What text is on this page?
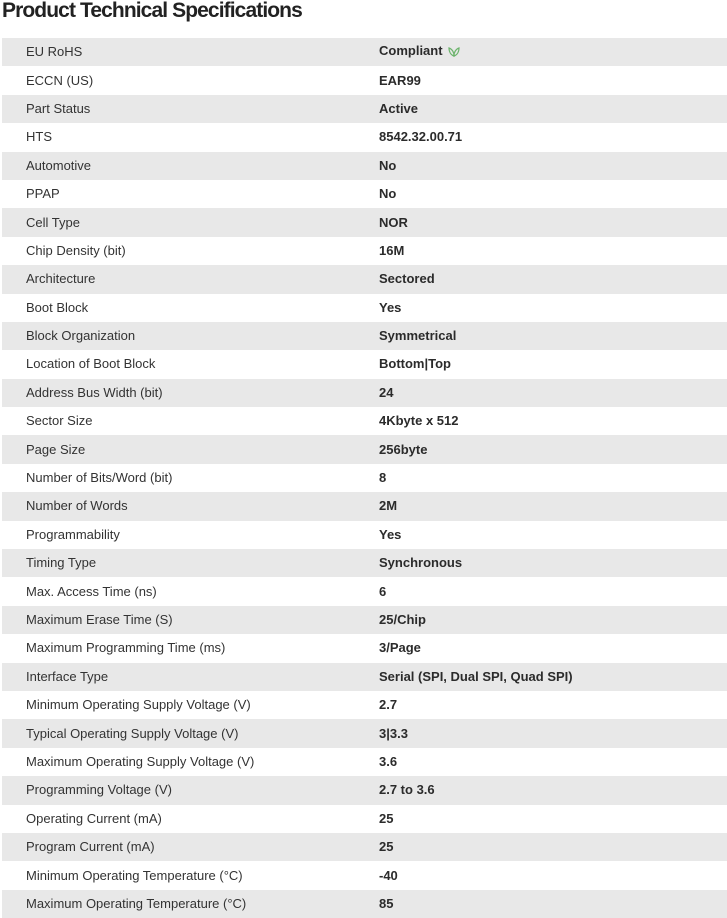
Product Technical Specifications
EU RoHS	Compliant
ECCN (US)	EAR99
Part Status	Active
HTS	8542.32.00.71
Automotive	No
PPAP	No
Cell Type	NOR
Chip Density (bit)	16M
Architecture	Sectored
Boot Block	Yes
Block Organization	Symmetrical
Location of Boot Block	Bottom|Top
Address Bus Width (bit)	24
Sector Size	4Kbyte x 512
Page Size	256byte
Number of Bits/Word (bit)	8
Number of Words	2M
Programmability	Yes
Timing Type	Synchronous
Max. Access Time (ns)	6
Maximum Erase Time (S)	25/Chip
Maximum Programming Time (ms)	3/Page
Interface Type	Serial (SPI, Dual SPI, Quad SPI)
Minimum Operating Supply Voltage (V)	2.7
Typical Operating Supply Voltage (V)	3|3.3
Maximum Operating Supply Voltage (V)	3.6
Programming Voltage (V)	2.7 to 3.6
Operating Current (mA)	25
Program Current (mA)	25
Minimum Operating Temperature (°C)	-40
Maximum Operating Temperature (°C)	85
